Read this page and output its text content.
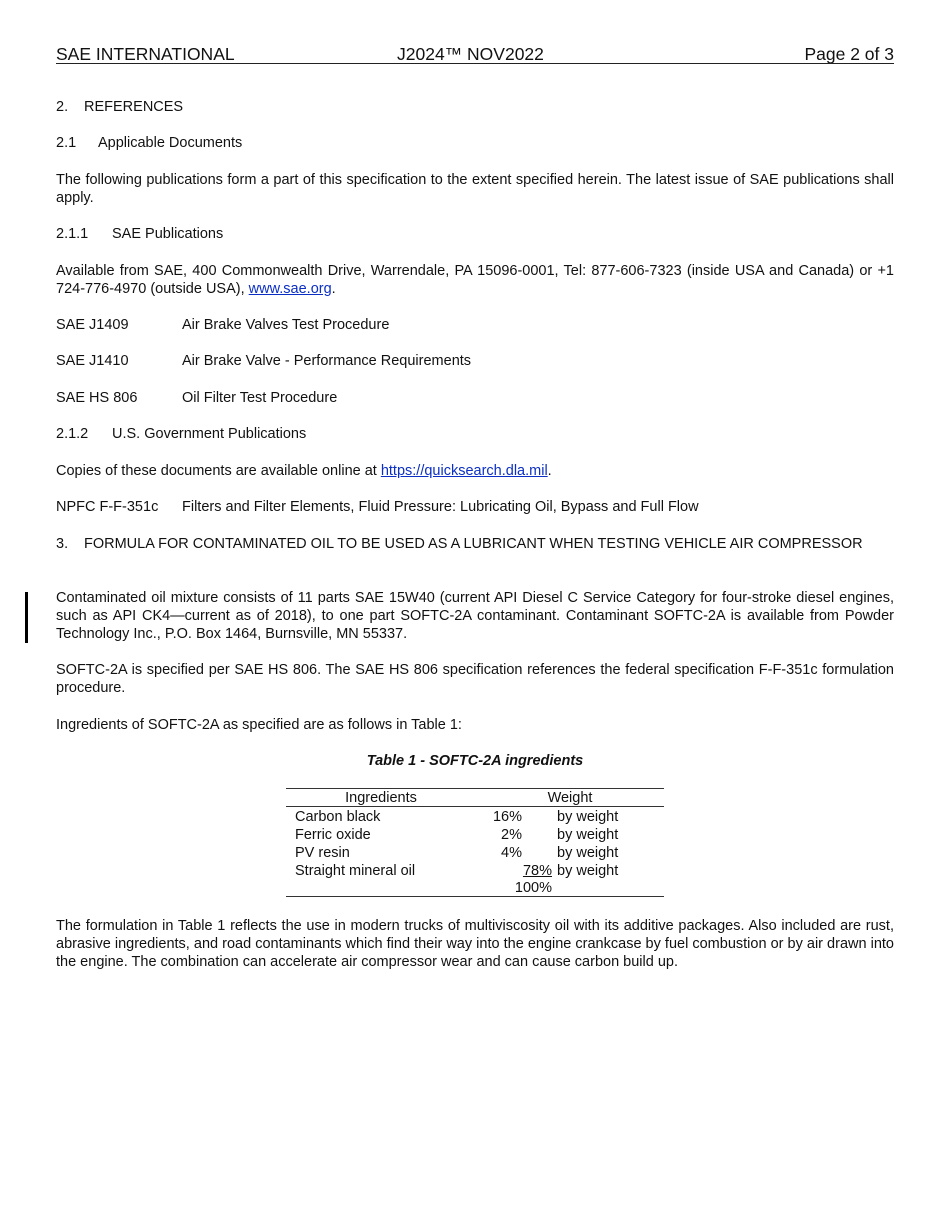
SAE INTERNATIONAL	J2024™ NOV2022	Page 2 of 3
2. REFERENCES
2.1 Applicable Documents
The following publications form a part of this specification to the extent specified herein. The latest issue of SAE publications shall apply.
2.1.1 SAE Publications
Available from SAE, 400 Commonwealth Drive, Warrendale, PA 15096-0001, Tel: 877-606-7323 (inside USA and Canada) or +1 724-776-4970 (outside USA), www.sae.org.
SAE J1409	Air Brake Valves Test Procedure
SAE J1410	Air Brake Valve - Performance Requirements
SAE HS 806	Oil Filter Test Procedure
2.1.2 U.S. Government Publications
Copies of these documents are available online at https://quicksearch.dla.mil.
NPFC F-F-351c Filters and Filter Elements, Fluid Pressure: Lubricating Oil, Bypass and Full Flow
3. FORMULA FOR CONTAMINATED OIL TO BE USED AS A LUBRICANT WHEN TESTING VEHICLE AIR COMPRESSOR
Contaminated oil mixture consists of 11 parts SAE 15W40 (current API Diesel C Service Category for four-stroke diesel engines, such as API CK4—current as of 2018), to one part SOFTC-2A contaminant. Contaminant SOFTC-2A is available from Powder Technology Inc., P.O. Box 1464, Burnsville, MN 55337.
SOFTC-2A is specified per SAE HS 806. The SAE HS 806 specification references the federal specification F-F-351c formulation procedure.
Ingredients of SOFTC-2A as specified are as follows in Table 1:
Table 1 - SOFTC-2A ingredients
Ingredients	Weight
Carbon black	16% by weight
Ferric oxide	2% by weight
PV resin	4% by weight
Straight mineral oil	78% by weight
100%
The formulation in Table 1 reflects the use in modern trucks of multiviscosity oil with its additive packages. Also included are rust, abrasive ingredients, and road contaminants which find their way into the engine crankcase by fuel combustion or by air drawn into the engine. The combination can accelerate air compressor wear and can cause carbon build up.
